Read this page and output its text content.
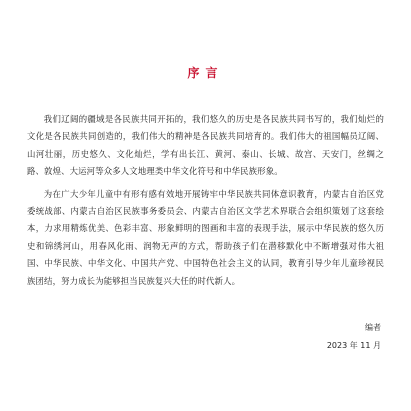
序言

我们辽阔的疆域是各民族共同开拓的，我们悠久的历史是各民族共同书写的，我们灿烂的文化是各民族共同创造的，我们伟大的精神是各民族共同培育的。我们伟大的祖国幅员辽阔、山河壮丽，历史悠久、文化灿烂，学有出长江、黄河、泰山、长城、故宫、天安门，丝绸之路、敦煌、大运河等众多人文地理类中华文化符号和中华民族形象。

为在广大少年儿童中有形有感有效地开展铸牢中华民族共同体意识教育，内蒙古自治区党委统战部、内蒙古自治区民族事务委员会、内蒙古自治区文学艺术界联合会组织策划了这套绘本，力求用精炼优美、色彩丰富、形象鲜明的图画和丰富的表现手法，展示中华民族的悠久历史和锦绣河山，用春风化雨、润物无声的方式，帮助孩子们在潜移默化中不断增强对伟大祖国、中华民族、中华文化、中国共产党、中国特色社会主义的认同，教育引导少年儿童珍视民族团结，努力成长为能够担当民族复兴大任的时代新人。

编者
2023 年 11 月
